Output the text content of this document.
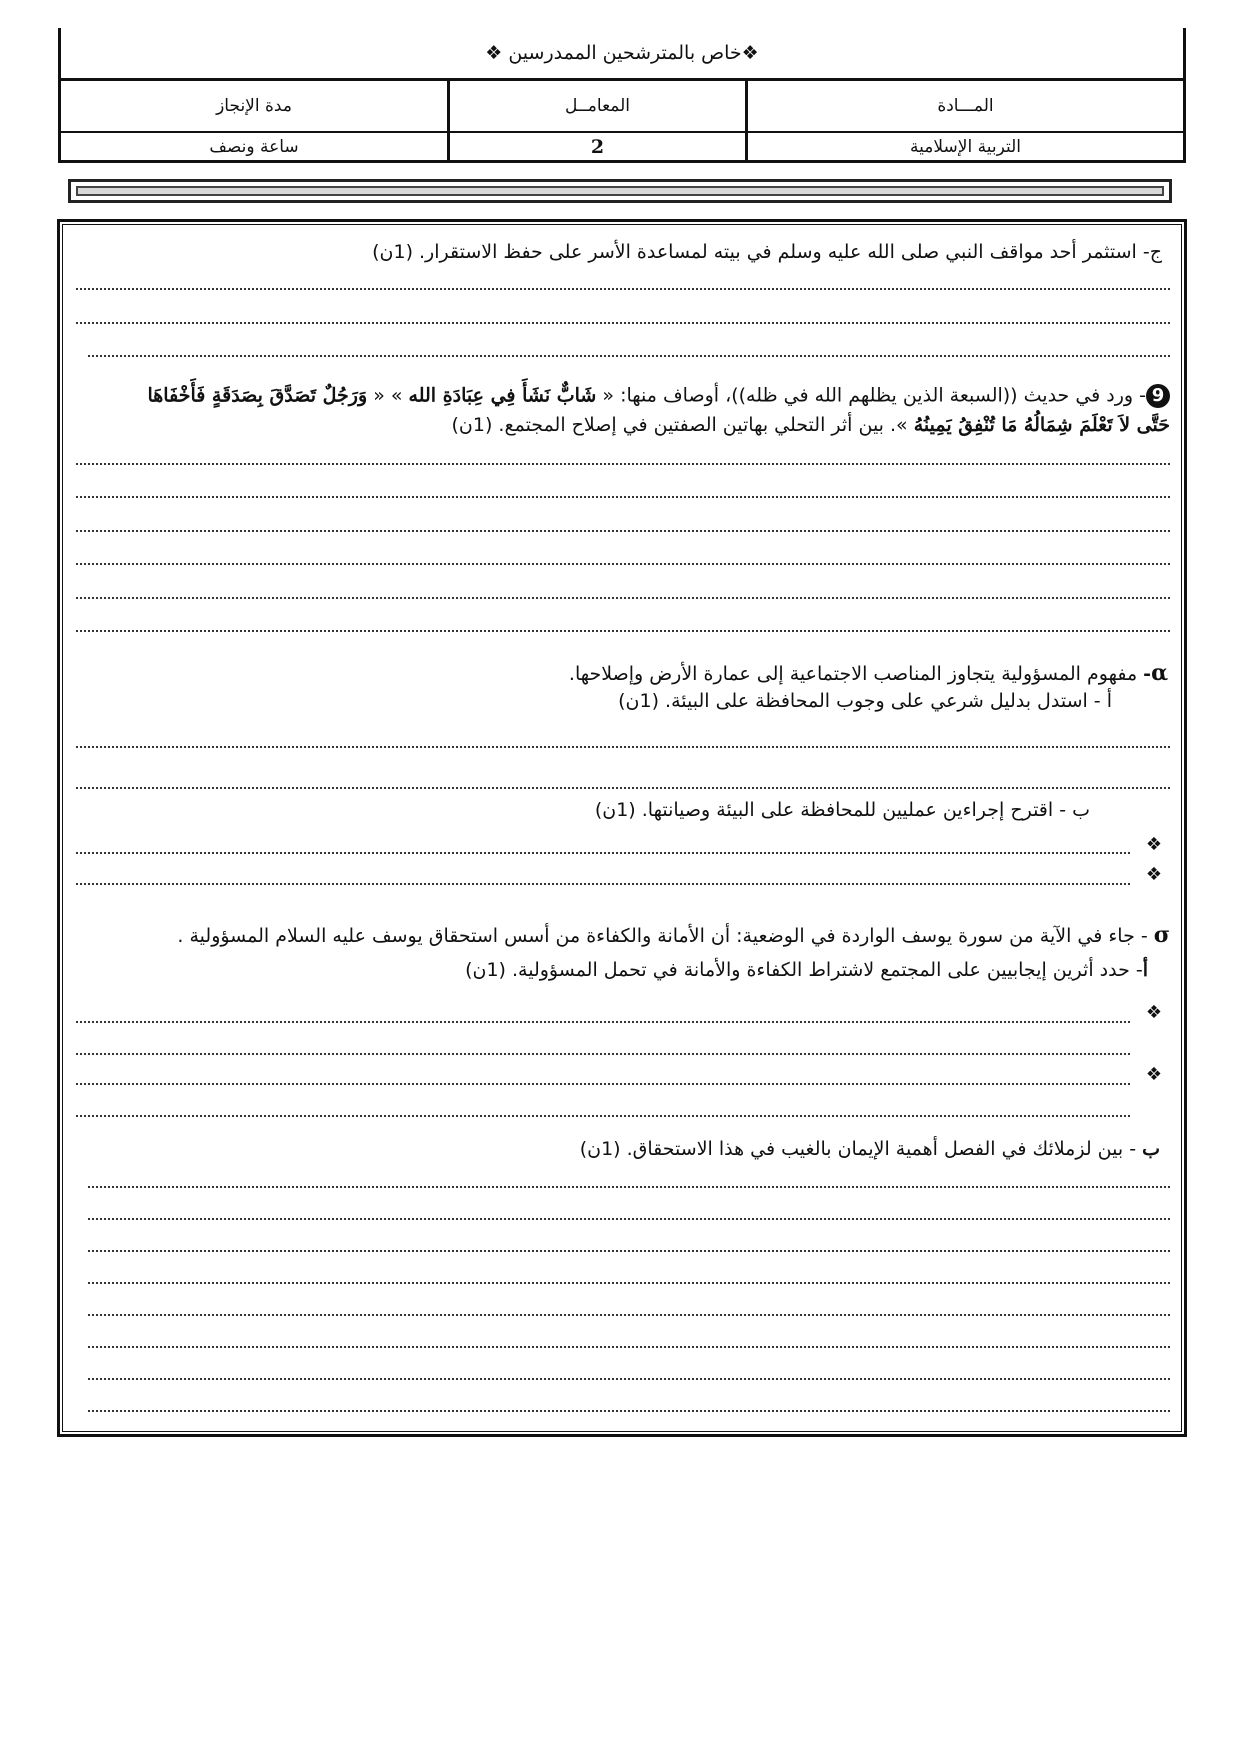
❖خاص بالمترشحين الممدرسين ❖
المـــادة
المعامــل
مدة الإنجاز
التربية الإسلامية
2
ساعة ونصف
ج- استثمر أحد مواقف النبي صلى الله عليه وسلم في بيته لمساعدة الأسر على حفظ الاستقرار. (1ن)
9- ورد في حديث ((السبعة الذين يظلهم الله في ظله))، أوصاف منها: « شَابٌّ نَشَأَ فِي عِبَادَةِ الله » « وَرَجُلٌ تَصَدَّقَ بِصَدَقَةٍ فَأَخْفَاهَا
حَتَّى لاَ تَعْلَمَ شِمَالُهُ مَا تُنْفِقُ يَمِينُهُ ». بين أثر التحلي بهاتين الصفتين في إصلاح المجتمع. (1ن)
α- مفهوم المسؤولية يتجاوز المناصب الاجتماعية إلى عمارة الأرض وإصلاحها.
أ - استدل بدليل شرعي على وجوب المحافظة على البيئة. (1ن)
ب - اقترح إجراءين عمليين للمحافظة على البيئة وصيانتها. (1ن)
❖
❖
σ - جاء في الآية من سورة يوسف الواردة في الوضعية: أن الأمانة والكفاءة من أسس استحقاق يوسف عليه السلام المسؤولية .
أ- حدد أثرين إيجابيين على المجتمع لاشتراط الكفاءة والأمانة في تحمل المسؤولية. (1ن)
❖
❖
ب - بين لزملائك في الفصل أهمية الإيمان بالغيب في هذا الاستحقاق. (1ن)
